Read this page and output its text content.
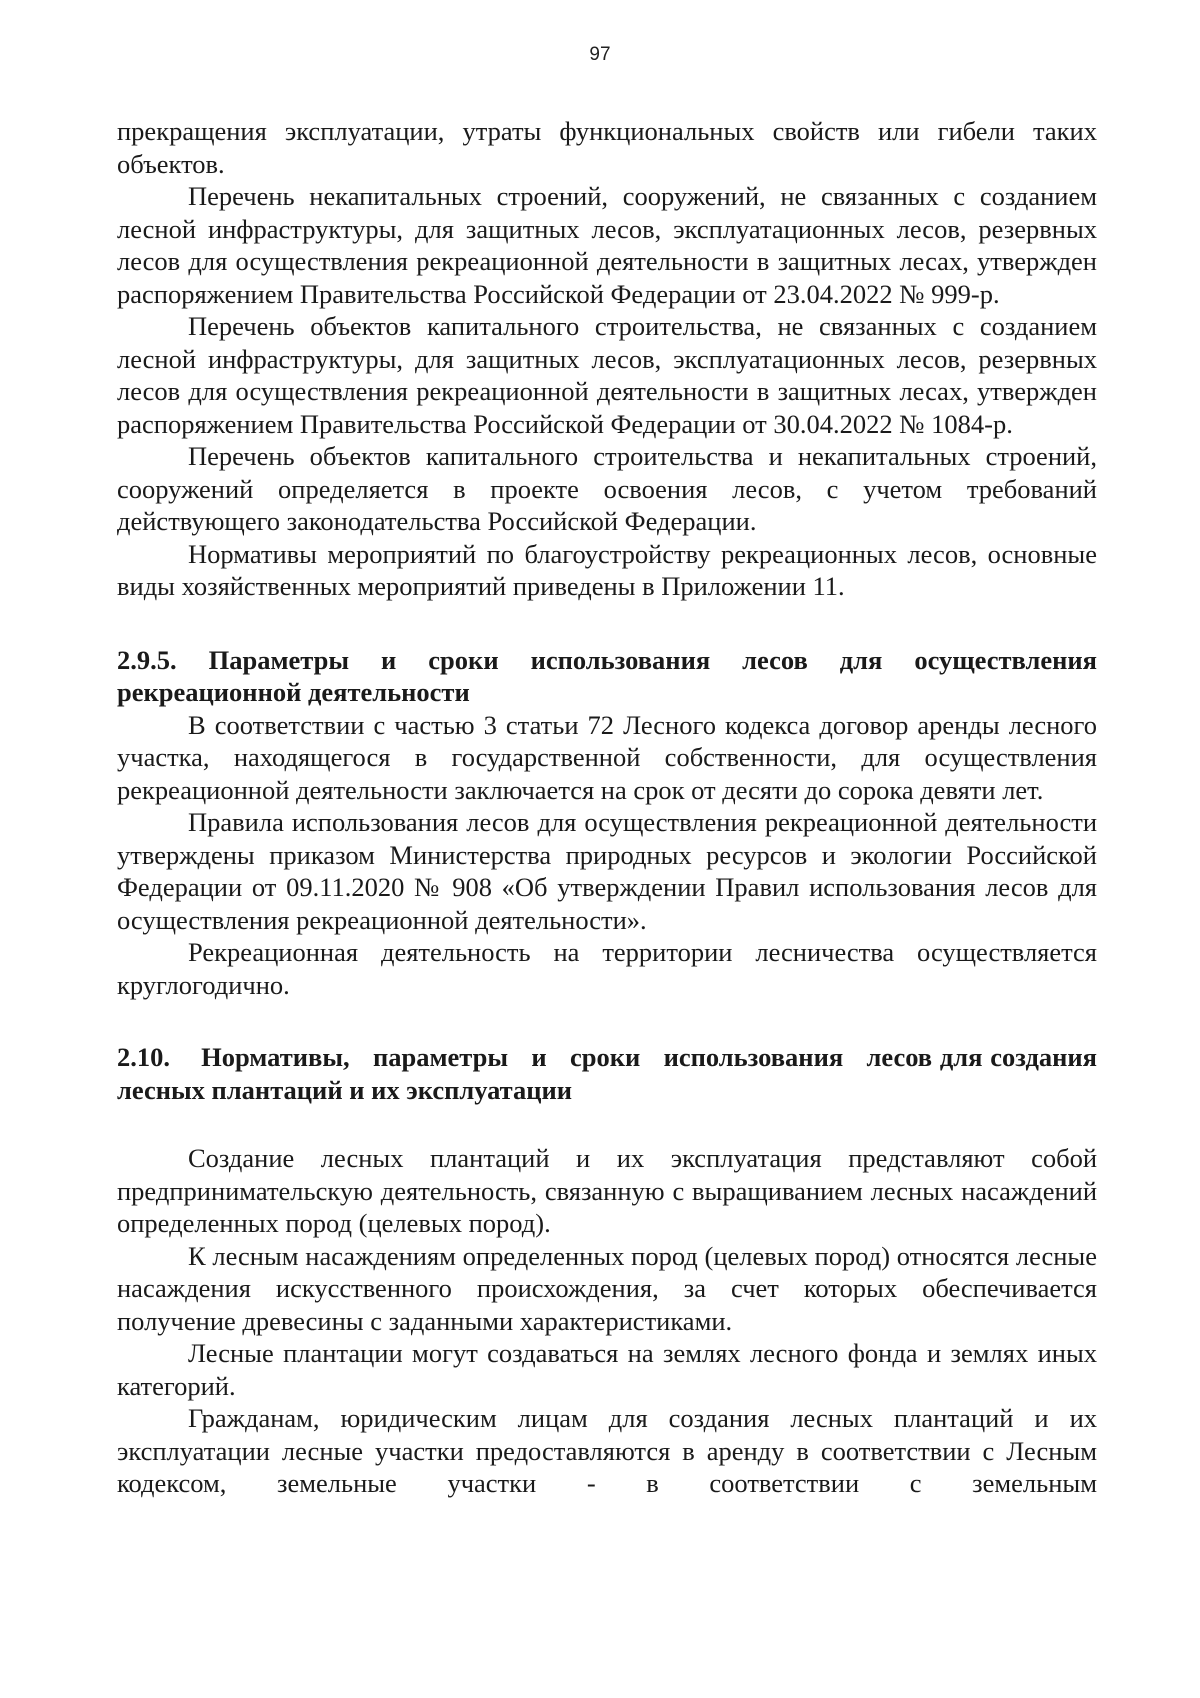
97

прекращения эксплуатации, утраты функциональных свойств или гибели таких объектов.

Перечень некапитальных строений, сооружений, не связанных с созданием лесной инфраструктуры, для защитных лесов, эксплуатационных лесов, резервных лесов для осуществления рекреационной деятельности в защитных лесах, утвержден распоряжением Правительства Российской Федерации от 23.04.2022 № 999-р.

Перечень объектов капитального строительства, не связанных с созданием лесной инфраструктуры, для защитных лесов, эксплуатационных лесов, резервных лесов для осуществления рекреационной деятельности в защитных лесах, утвержден распоряжением Правительства Российской Федерации от 30.04.2022 № 1084-р.

Перечень объектов капитального строительства и некапитальных строений, сооружений определяется в проекте освоения лесов, с учетом требований действующего законодательства Российской Федерации.

Нормативы мероприятий по благоустройству рекреационных лесов, основные виды хозяйственных мероприятий приведены в Приложении 11.

2.9.5. Параметры и сроки использования лесов для осуществления рекреационной деятельности

В соответствии с частью 3 статьи 72 Лесного кодекса договор аренды лесного участка, находящегося в государственной собственности, для осуществления рекреационной деятельности заключается на срок от десяти до сорока девяти лет.

Правила использования лесов для осуществления рекреационной деятельности утверждены приказом Министерства природных ресурсов и экологии Российской Федерации от 09.11.2020 № 908 «Об утверждении Правил использования лесов для осуществления рекреационной деятельности».

Рекреационная деятельность на территории лесничества осуществляется круглогодично.

2.10.    Нормативы,   параметры   и   сроки   использования   лесов для создания лесных плантаций и их эксплуатации

Создание лесных плантаций и их эксплуатация представляют собой предпринимательскую деятельность, связанную с выращиванием лесных насаждений определенных пород (целевых пород).

К лесным насаждениям определенных пород (целевых пород) относятся лесные насаждения искусственного происхождения, за счет которых обеспечивается получение древесины с заданными характеристиками.

Лесные плантации могут создаваться на землях лесного фонда и землях иных категорий.

Гражданам, юридическим лицам для создания лесных плантаций и их эксплуатации лесные участки предоставляются в аренду в соответствии с Лесным кодексом, земельные участки - в соответствии с земельным
